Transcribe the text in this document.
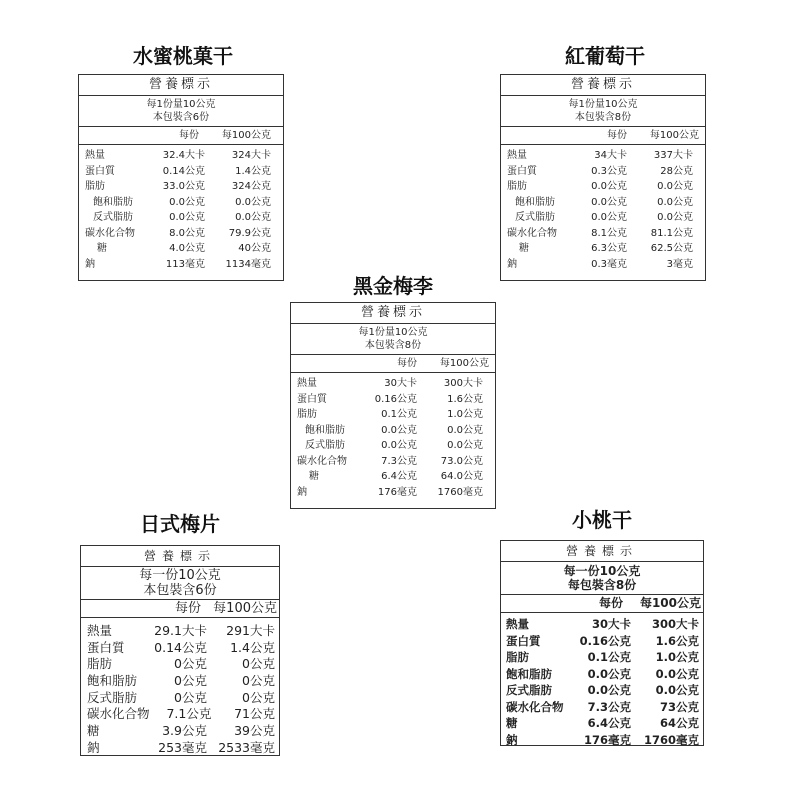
水蜜桃菓干
營養標示
每1份量10公克
本包裝含6份
每份	每100公克
熱量	32.4大卡	324大卡
蛋白質	0.14公克	1.4公克
脂肪	33.0公克	324公克
飽和脂肪	0.0公克	0.0公克
反式脂肪	0.0公克	0.0公克
碳水化合物	8.0公克	79.9公克
糖	4.0公克	40公克
鈉	113毫克	1134毫克
紅葡萄干
營養標示
每1份量10公克
本包裝含8份
每份	每100公克
熱量	34大卡	337大卡
蛋白質	0.3公克	28公克
脂肪	0.0公克	0.0公克
飽和脂肪	0.0公克	0.0公克
反式脂肪	0.0公克	0.0公克
碳水化合物	8.1公克	81.1公克
糖	6.3公克	62.5公克
鈉	0.3毫克	3毫克
黑金梅李
營養標示
每1份量10公克
本包裝含8份
每份	每100公克
熱量	30大卡	300大卡
蛋白質	0.16公克	1.6公克
脂肪	0.1公克	1.0公克
飽和脂肪	0.0公克	0.0公克
反式脂肪	0.0公克	0.0公克
碳水化合物	7.3公克	73.0公克
糖	6.4公克	64.0公克
鈉	176毫克	1760毫克
日式梅片
營養標示
每一份10公克
本包裝含6份
每份 每100公克
熱量	29.1大卡	291大卡
蛋白質	0.14公克	1.4公克
脂肪	0公克	0公克
飽和脂肪	0公克	0公克
反式脂肪	0公克	0公克
碳水化合物	7.1公克	71公克
糖	3.9公克	39公克
鈉	253毫克 2533毫克
小桃干
營養標示
每一份10公克
每包裝含8份
每份	每100公克
熱量	30大卡	300大卡
蛋白質	0.16公克	1.6公克
脂肪	0.1公克	1.0公克
飽和脂肪	0.0公克	0.0公克
反式脂肪	0.0公克	0.0公克
碳水化合物	7.3公克	73公克
糖	6.4公克	64公克
鈉	176毫克	1760毫克
